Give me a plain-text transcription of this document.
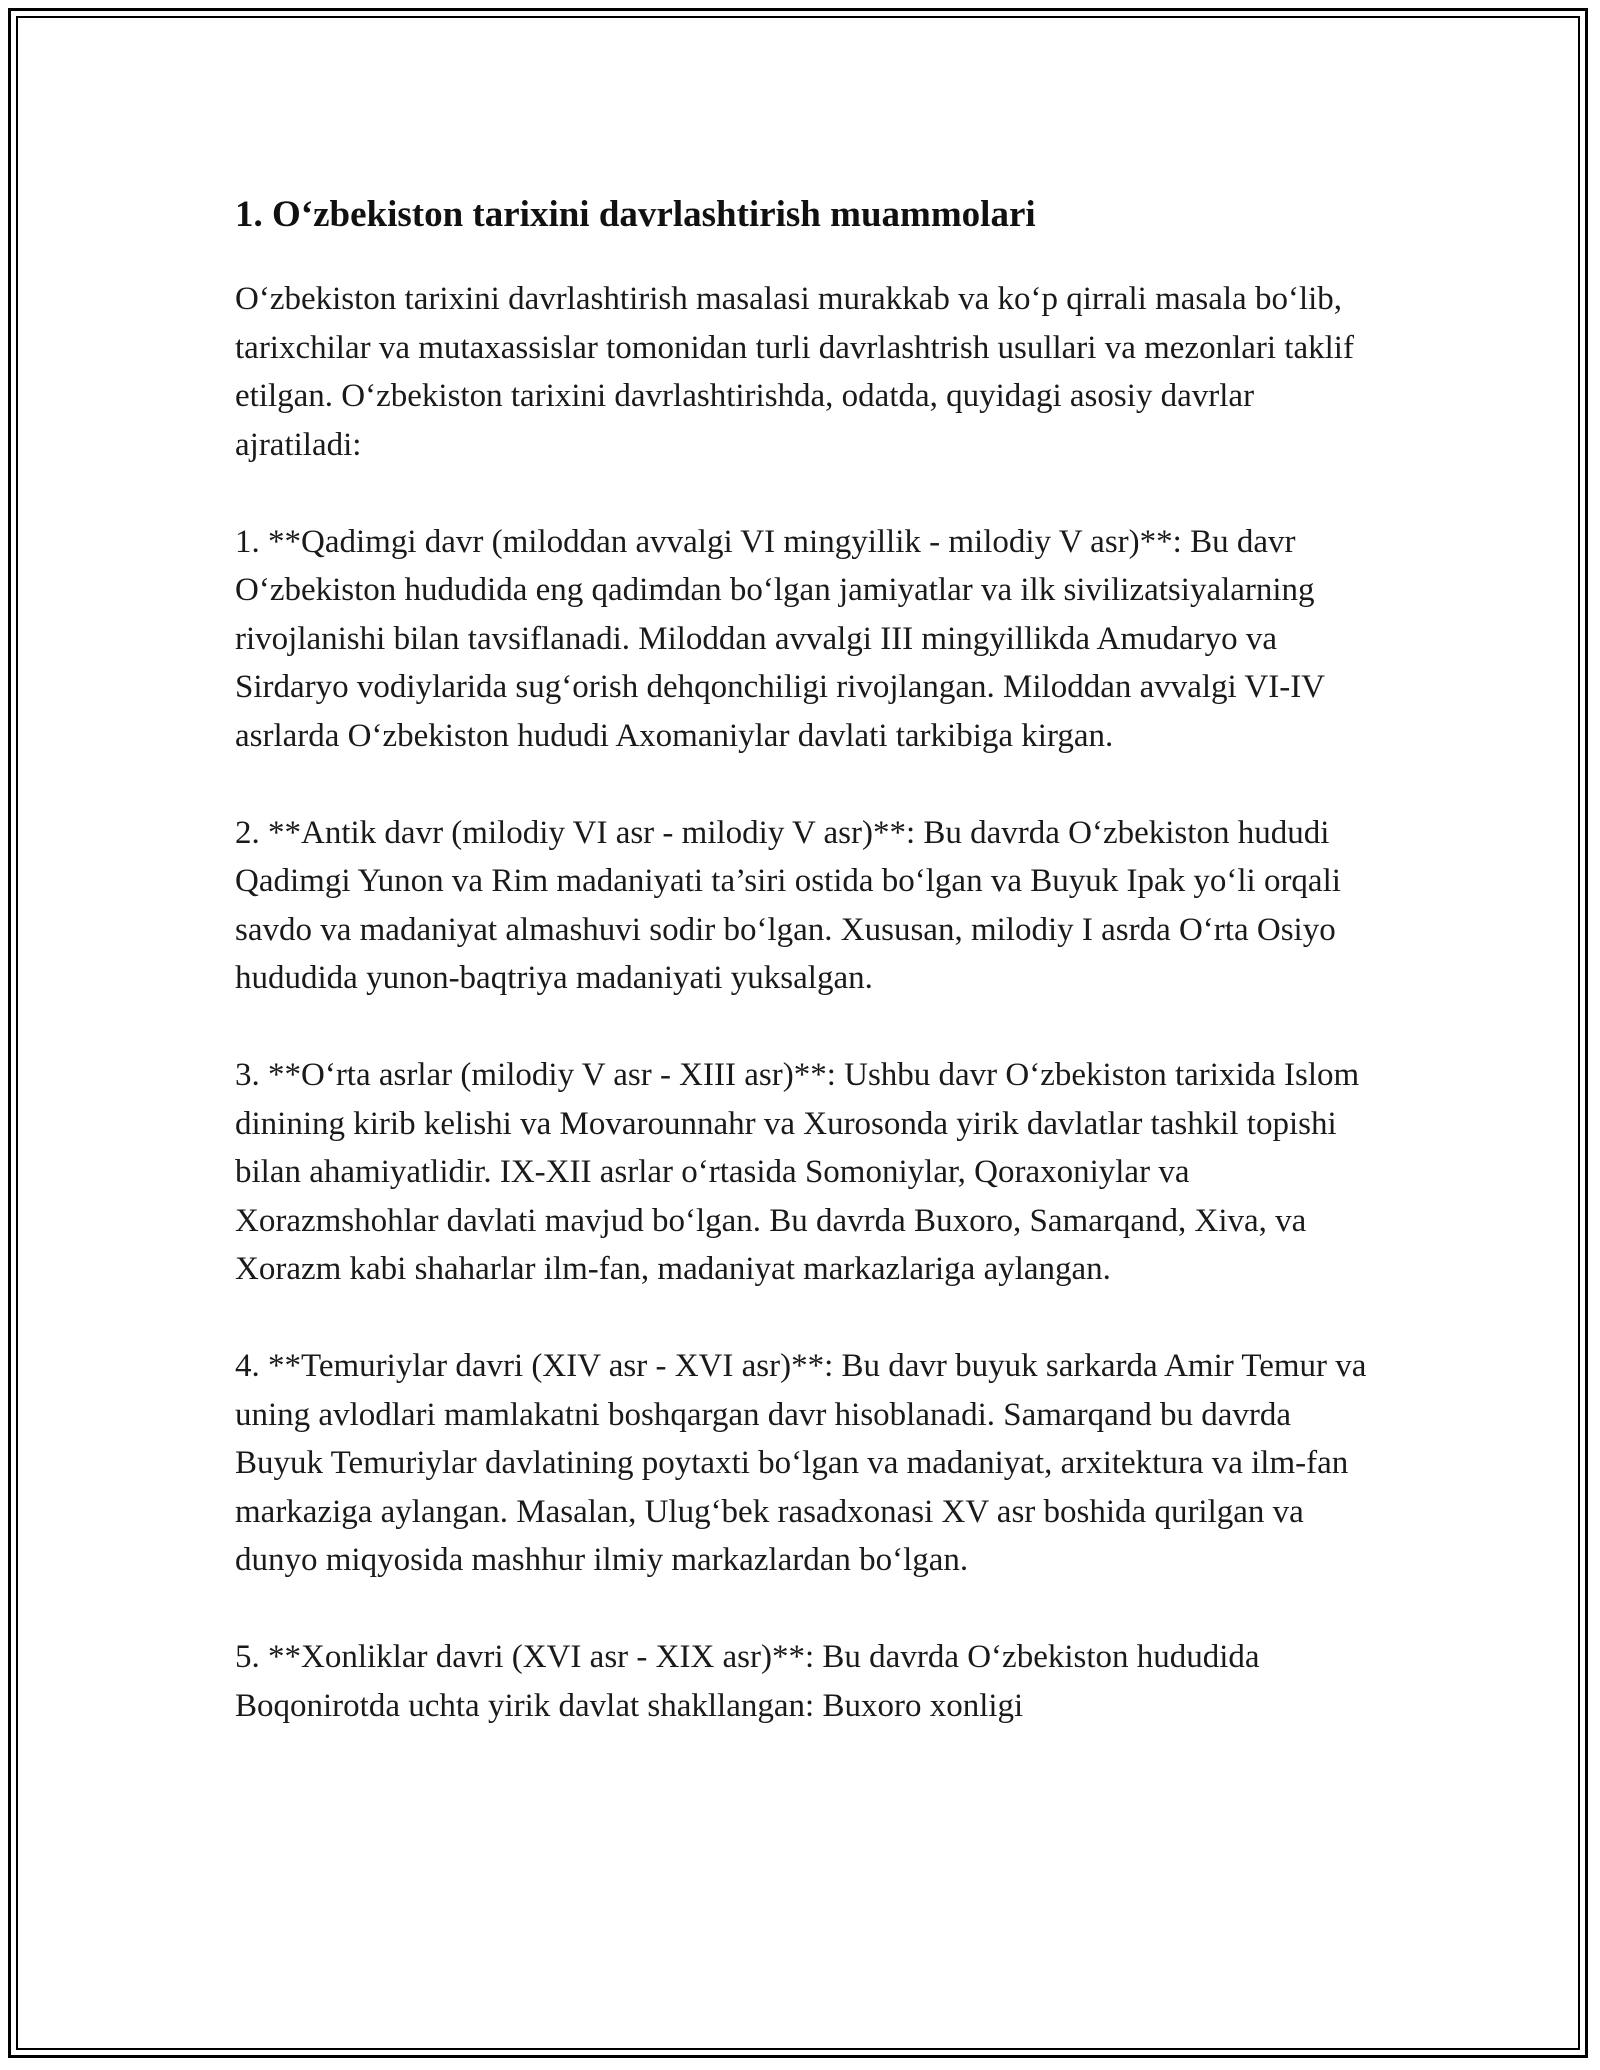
1. O‘zbekiston tarixini davrlashtirish muammolari

O‘zbekiston tarixini davrlashtirish masalasi murakkab va ko‘p qirrali masala bo‘lib, tarixchilar va mutaxassislar tomonidan turli davrlashtrish usullari va mezonlari taklif etilgan. O‘zbekiston tarixini davrlashtirishda, odatda, quyidagi asosiy davrlar ajratiladi:

1. **Qadimgi davr (miloddan avvalgi VI mingyillik - milodiy V asr)**: Bu davr O‘zbekiston hududida eng qadimdan bo‘lgan jamiyatlar va ilk sivilizatsiyalarning rivojlanishi bilan tavsiflanadi. Miloddan avvalgi III mingyillikda Amudaryo va Sirdaryo vodiylarida sug‘orish dehqonchiligi rivojlangan. Miloddan avvalgi VI-IV asrlarda O‘zbekiston hududi Axomaniylar davlati tarkibiga kirgan.

2. **Antik davr (milodiy VI asr - milodiy V asr)**: Bu davrda O‘zbekiston hududi Qadimgi Yunon va Rim madaniyati ta’siri ostida bo‘lgan va Buyuk Ipak yo‘li orqali savdo va madaniyat almashuvi sodir bo‘lgan. Xususan, milodiy I asrda O‘rta Osiyo hududida yunon-baqtriya madaniyati yuksalgan.

3. **O‘rta asrlar (milodiy V asr - XIII asr)**: Ushbu davr O‘zbekiston tarixida Islom dinining kirib kelishi va Movarounnahr va Xurosonda yirik davlatlar tashkil topishi bilan ahamiyatlidir. IX-XII asrlar o‘rtasida Somoniylar, Qoraxoniylar va Xorazmshohlar davlati mavjud bo‘lgan. Bu davrda Buxoro, Samarqand, Xiva, va Xorazm kabi shaharlar ilm-fan, madaniyat markazlariga aylangan.

4. **Temuriylar davri (XIV asr - XVI asr)**: Bu davr buyuk sarkarda Amir Temur va uning avlodlari mamlakatni boshqargan davr hisoblanadi. Samarqand bu davrda Buyuk Temuriylar davlatining poytaxti bo‘lgan va madaniyat, arxitektura va ilm-fan markaziga aylangan. Masalan, Ulug‘bek rasadxonasi XV asr boshida qurilgan va dunyo miqyosida mashhur ilmiy markazlardan bo‘lgan.

5. **Xonliklar davri (XVI asr - XIX asr)**: Bu davrda O‘zbekiston hududida Boqonirotda uchta yirik davlat shakllangan: Buxoro xonligi
